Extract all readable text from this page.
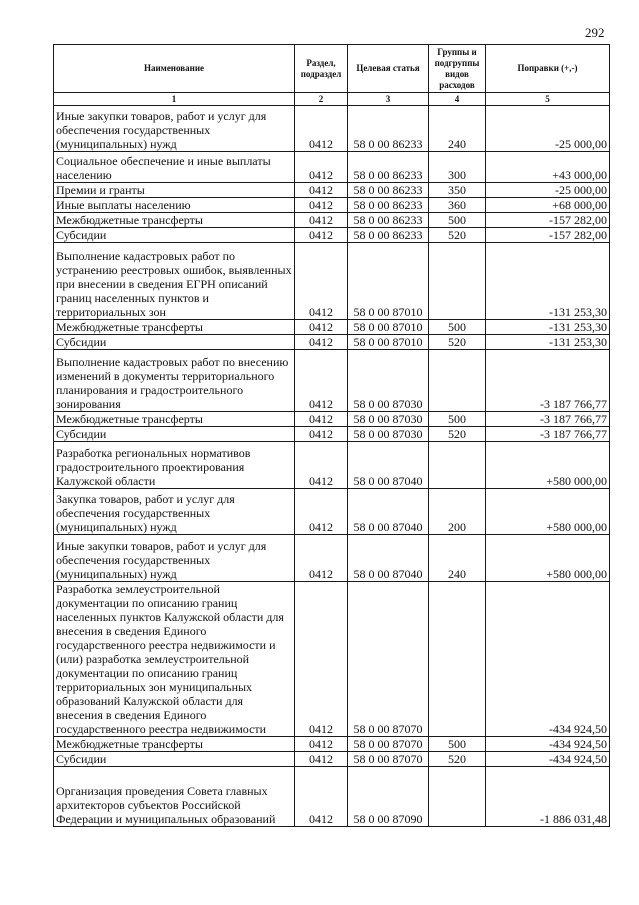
292
Наименование	Раздел, подраздел	Целевая статья	Группы и подгруппы видов расходов	Поправки (+,-)
1	2	3	4	5
Иные закупки товаров, работ и услуг для обеспечения государственных (муниципальных) нужд	0412	58 0 00 86233	240	-25 000,00
Социальное обеспечение и иные выплаты населению	0412	58 0 00 86233	300	+43 000,00
Премии и гранты	0412	58 0 00 86233	350	-25 000,00
Иные выплаты населению	0412	58 0 00 86233	360	+68 000,00
Межбюджетные трансферты	0412	58 0 00 86233	500	-157 282,00
Субсидии	0412	58 0 00 86233	520	-157 282,00
Выполнение кадастровых работ по устранению реестровых ошибок, выявленных при внесении в сведения ЕГРН описаний границ населенных пунктов и территориальных зон	0412	58 0 00 87010		-131 253,30
Межбюджетные трансферты	0412	58 0 00 87010	500	-131 253,30
Субсидии	0412	58 0 00 87010	520	-131 253,30
Выполнение кадастровых работ по внесению изменений в документы территориального планирования и градостроительного зонирования	0412	58 0 00 87030		-3 187 766,77
Межбюджетные трансферты	0412	58 0 00 87030	500	-3 187 766,77
Субсидии	0412	58 0 00 87030	520	-3 187 766,77
Разработка региональных нормативов градостроительного проектирования Калужской области	0412	58 0 00 87040		+580 000,00
Закупка товаров, работ и услуг для обеспечения государственных (муниципальных) нужд	0412	58 0 00 87040	200	+580 000,00
Иные закупки товаров, работ и услуг для обеспечения государственных (муниципальных) нужд	0412	58 0 00 87040	240	+580 000,00
Разработка землеустроительной документации по описанию границ населенных пунктов Калужской области для внесения в сведения Единого государственного реестра недвижимости и (или) разработка землеустроительной документации по описанию границ территориальных зон муниципальных образований Калужской области для внесения в сведения Единого государственного реестра недвижимости	0412	58 0 00 87070		-434 924,50
Межбюджетные трансферты	0412	58 0 00 87070	500	-434 924,50
Субсидии	0412	58 0 00 87070	520	-434 924,50
Организация проведения Совета главных архитекторов субъектов Российской Федерации и муниципальных образований	0412	58 0 00 87090		-1 886 031,48
